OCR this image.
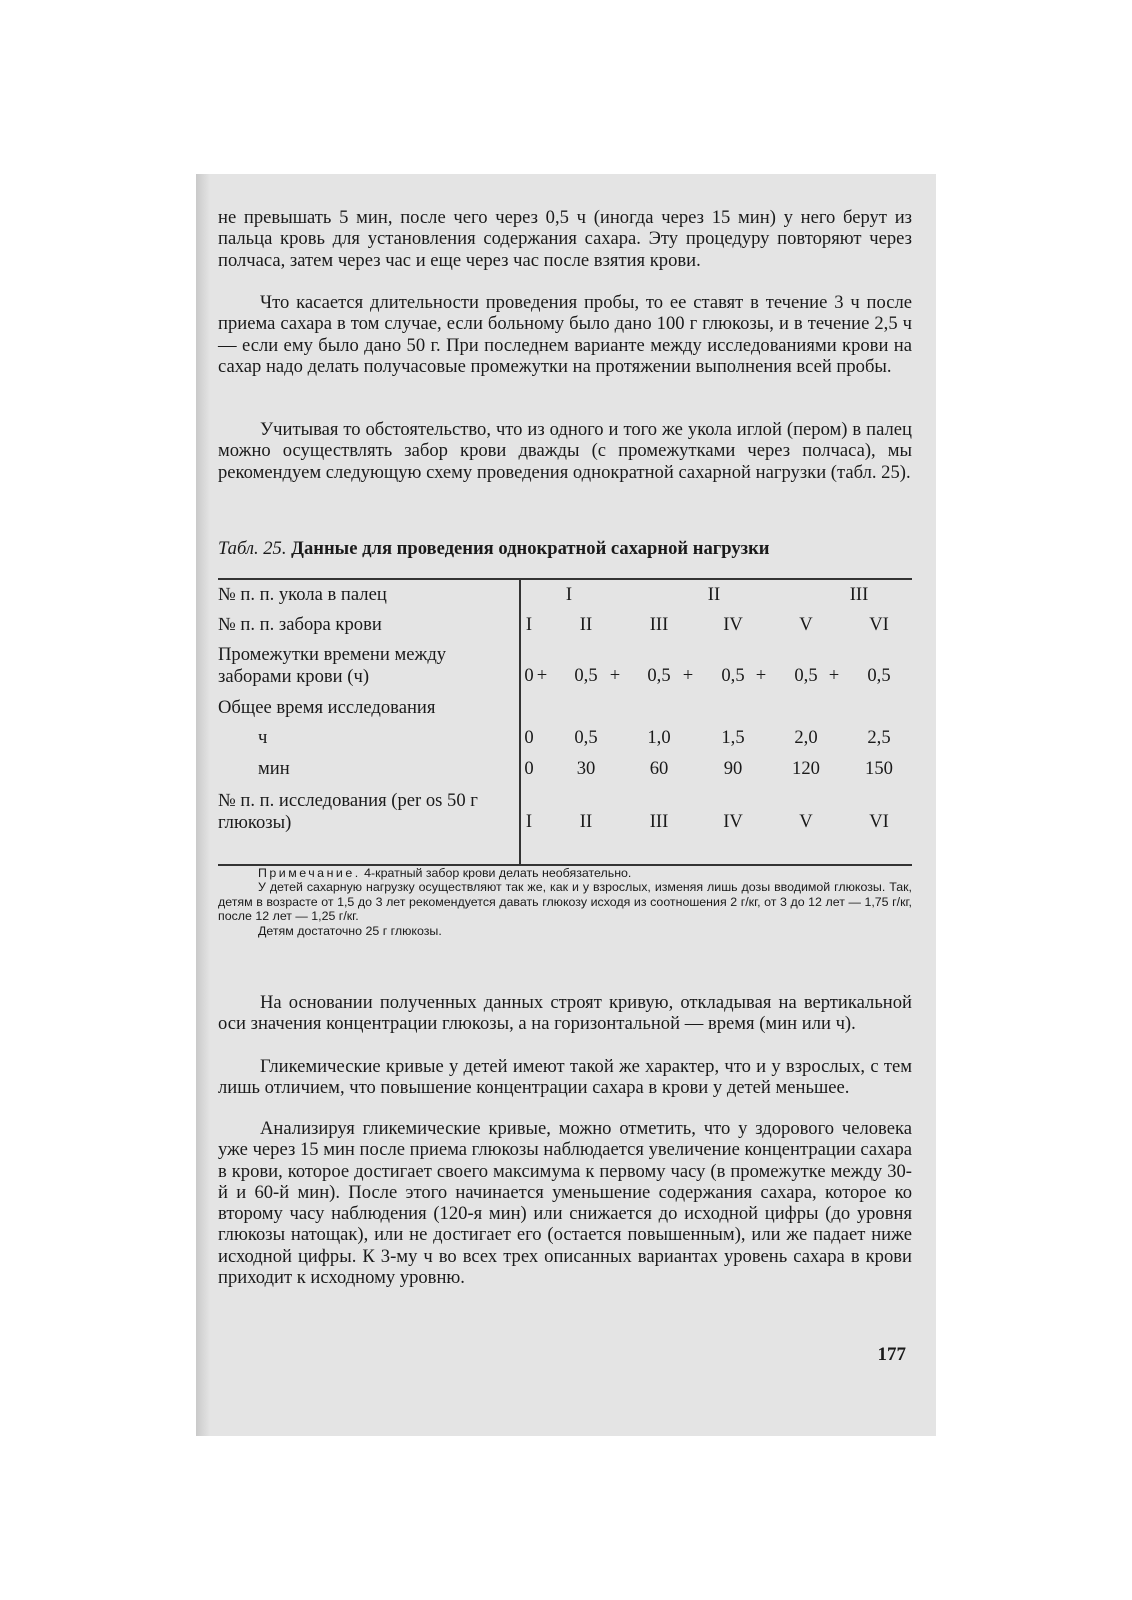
не превышать 5 мин, после чего через 0,5 ч (иногда через 15 мин) у него берут из пальца кровь для установления содержания сахара. Эту процедуру повторяют через полчаса, затем через час и еще через час после взятия крови.

Что касается длительности проведения пробы, то ее ставят в течение 3 ч после приема сахара в том случае, если больному было дано 100 г глюкозы, и в течение 2,5 ч — если ему было дано 50 г. При последнем варианте между исследованиями крови на сахар надо делать получасовые промежутки на протяжении выполнения всей пробы.

Учитывая то обстоятельство, что из одного и того же укола иглой (пером) в палец можно осуществлять забор крови дважды (с промежутками через полчаса), мы рекомендуем следующую схему проведения однократной сахарной нагрузки (табл. 25).

Табл. 25. Данные для проведения однократной сахарной нагрузки

№ п. п. укола в палец	I	II	III

№ п. п. забора крови	I	II	III	IV	V	VI

Промежутки времени между заборами крови (ч)	0 +	0,5 +	0,5 +	0,5 +	0,5 +	0,5

Общее время исследования

ч	0	0,5	1,0	1,5	2,0	2,5

мин	0	30	60	90	120	150

№ п. п. исследования (per os 50 г глюкозы)	I	II	III	IV	V	VI

Примечание. 4-кратный забор крови делать необязательно.
У детей сахарную нагрузку осуществляют так же, как и у взрослых, изменяя лишь дозы вводимой глюкозы. Так, детям в возрасте от 1,5 до 3 лет рекомендуется давать глюкозу исходя из соотношения 2 г/кг, от 3 до 12 лет — 1,75 г/кг, после 12 лет — 1,25 г/кг.
Детям достаточно 25 г глюкозы.

На основании полученных данных строят кривую, откладывая на вертикальной оси значения концентрации глюкозы, а на горизонтальной — время (мин или ч).

Гликемические кривые у детей имеют такой же характер, что и у взрослых, с тем лишь отличием, что повышение концентрации сахара в крови у детей меньшее.

Анализируя гликемические кривые, можно отметить, что у здорового человека уже через 15 мин после приема глюкозы наблюдается увеличение концентрации сахара в крови, которое достигает своего максимума к первому часу (в промежутке между 30-й и 60-й мин). После этого начинается уменьшение содержания сахара, которое ко второму часу наблюдения (120-я мин) или снижается до исходной цифры (до уровня глюкозы натощак), или не достигает его (остается повышенным), или же падает ниже исходной цифры. К 3-му ч во всех трех описанных вариантах уровень сахара в крови приходит к исходному уровню.

177
